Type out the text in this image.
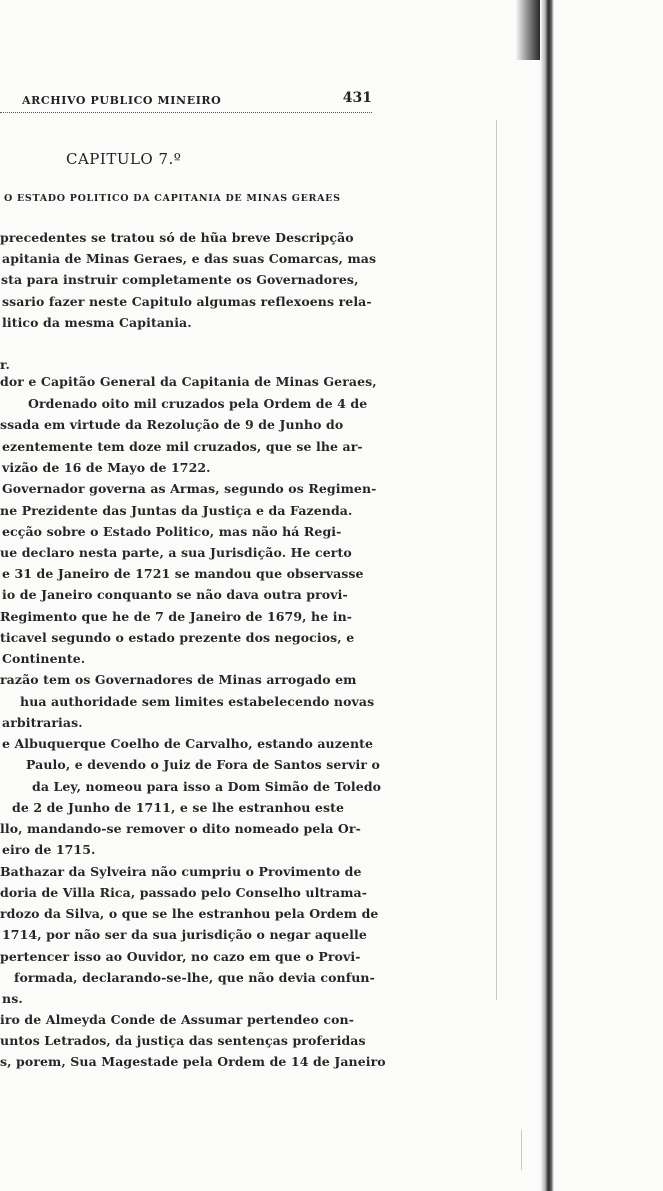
ARCHIVO PUBLICO MINEIRO	431
CAPITULO 7.º
O ESTADO POLITICO DA CAPITANIA DE MINAS GERAES
precedentes se tratou só de hũa breve Descripção
apitania de Minas Geraes, e das suas Comarcas, mas
sta para instruir completamente os Governadores,
ssario fazer neste Capitulo algumas reflexoens rela-
litico da mesma Capitania.
r.
dor e Capitão General da Capitania de Minas Geraes,
Ordenado oito mil cruzados pela Ordem de 4 de
ssada em virtude da Rezolução de 9 de Junho do
ezentemente tem doze mil cruzados, que se lhe ar-
vizão de 16 de Mayo de 1722.
Governador governa as Armas, segundo os Regimen-
ne Prezidente das Juntas da Justiça e da Fazenda.
ecção sobre o Estado Politico, mas não há Regi-
ue declaro nesta parte, a sua Jurisdição. He certo
e 31 de Janeiro de 1721 se mandou que observasse
io de Janeiro conquanto se não dava outra provi-
Regimento que he de 7 de Janeiro de 1679, he in-
ticavel segundo o estado prezente dos negocios, e
Continente.
razão tem os Governadores de Minas arrogado em
hua authoridade sem limites estabelecendo novas
arbitrarias.
e Albuquerque Coelho de Carvalho, estando auzente
Paulo, e devendo o Juiz de Fora de Santos servir o
da Ley, nomeou para isso a Dom Simão de Toledo
de 2 de Junho de 1711, e se lhe estranhou este
llo, mandando-se remover o dito nomeado pela Or-
eiro de 1715.
Bathazar da Sylveira não cumpriu o Provimento de
doria de Villa Rica, passado pelo Conselho ultrama-
rdozo da Silva, o que se lhe estranhou pela Ordem de
1714, por não ser da sua jurisdição o negar aquelle
pertencer isso ao Ouvidor, no cazo em que o Provi-
formada, declarando-se-lhe, que não devia confun-
ns.
iro de Almeyda Conde de Assumar pertendeo con-
untos Letrados, da justiça das sentenças proferidas
s, porem, Sua Magestade pela Ordem de 14 de Janeiro
